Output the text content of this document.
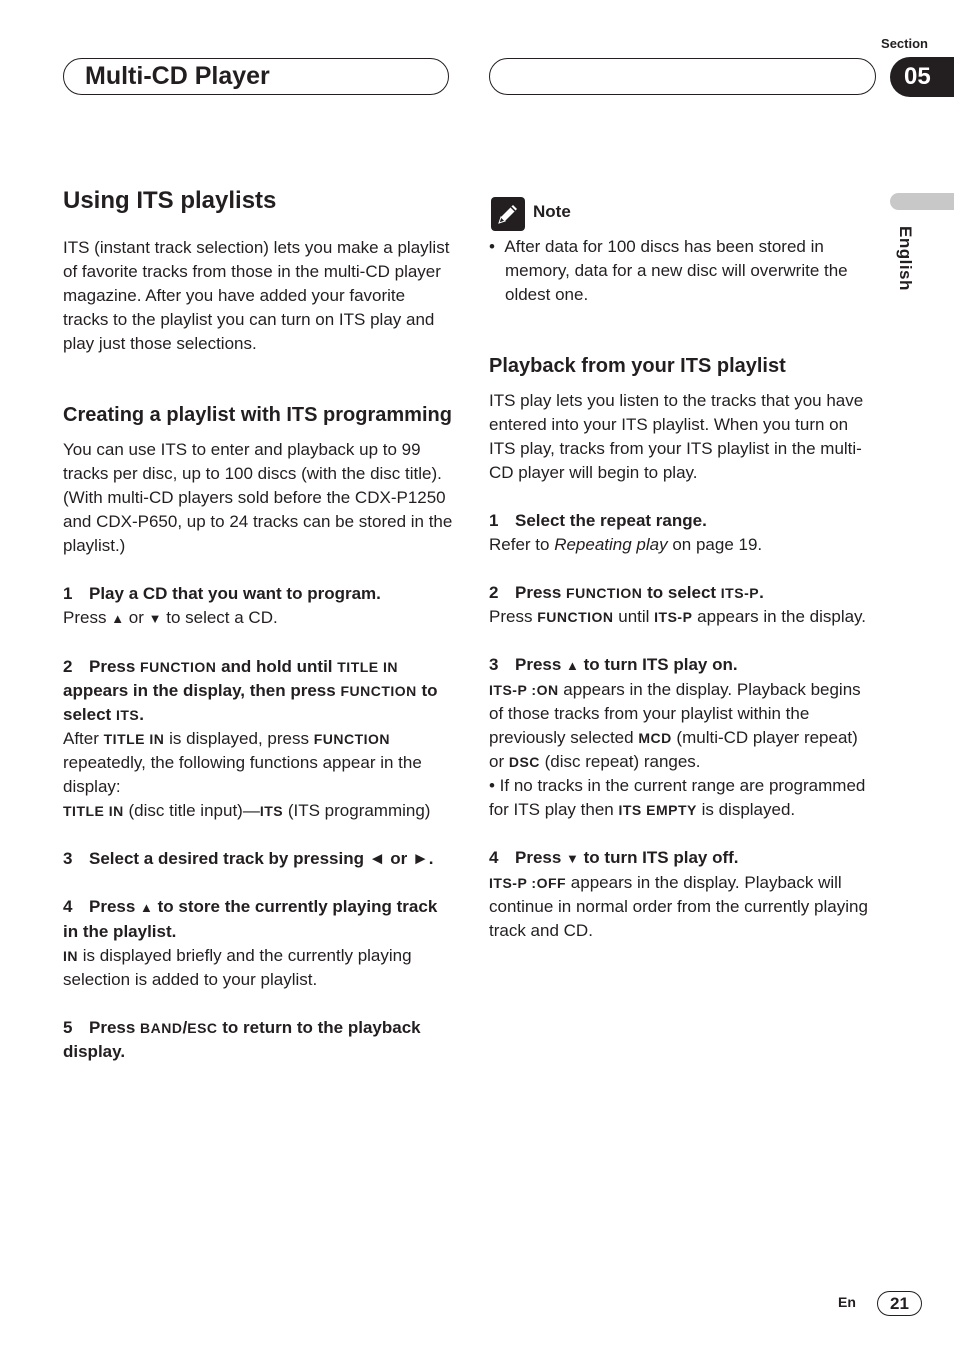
Multi-CD Player
Section
05
English

Using ITS playlists

ITS (instant track selection) lets you make a playlist of favorite tracks from those in the multi-CD player magazine. After you have added your favorite tracks to the playlist you can turn on ITS play and play just those selections.

Creating a playlist with ITS programming

You can use ITS to enter and playback up to 99 tracks per disc, up to 100 discs (with the disc title). (With multi-CD players sold before the CDX-P1250 and CDX-P650, up to 24 tracks can be stored in the playlist.)

1 Play a CD that you want to program.

Press ▲ or ▼ to select a CD.

2 Press FUNCTION and hold until TITLE IN appears in the display, then press FUNCTION to select ITS.

After TITLE IN is displayed, press FUNCTION repeatedly, the following functions appear in the display:
TITLE IN (disc title input)—ITS (ITS programming)

3 Select a desired track by pressing ◄ or ►.

4 Press ▲ to store the currently playing track in the playlist.

IN is displayed briefly and the currently playing selection is added to your playlist.

5 Press BAND/ESC to return to the playback display.

Note

•  After data for 100 discs has been stored in memory, data for a new disc will overwrite the oldest one.

Playback from your ITS playlist

ITS play lets you listen to the tracks that you have entered into your ITS playlist. When you turn on ITS play, tracks from your ITS playlist in the multi-CD player will begin to play.

1 Select the repeat range.

Refer to Repeating play on page 19.

2 Press FUNCTION to select ITS-P.

Press FUNCTION until ITS-P appears in the display.

3 Press ▲ to turn ITS play on.

ITS-P :ON appears in the display. Playback begins of those tracks from your playlist within the previously selected MCD (multi-CD player repeat) or DSC (disc repeat) ranges.

• If no tracks in the current range are programmed for ITS play then ITS EMPTY is displayed.

4 Press ▼ to turn ITS play off.

ITS-P :OFF appears in the display. Playback will continue in normal order from the currently playing track and CD.

En	21
